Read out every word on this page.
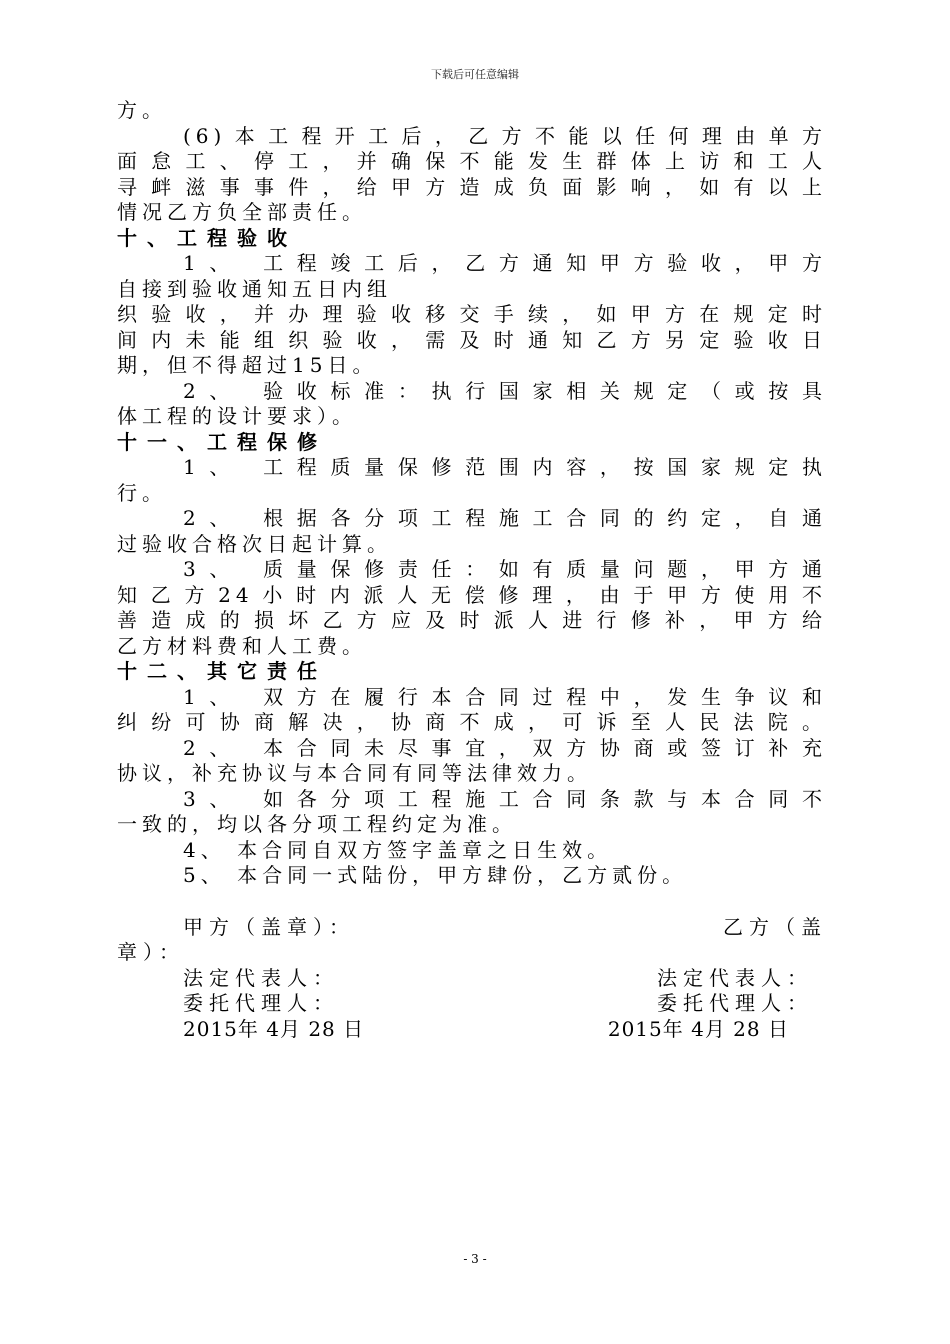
下载后可任意编辑
方。
(6)本工程开工后，乙方不能以任何理由单方
面怠工、停工，并确保不能发生群体上访和工人
寻衅滋事事件，给甲方造成负面影响，如有以上
情况乙方负全部责任。
十、工程验收
1、 工程竣工后，乙方通知甲方验收，甲方
自接到验收通知五日内组
织验收，并办理验收移交手续，如甲方在规定时
间内未能组织验收，需及时通知乙方另定验收日
期，但不得超过15日。
2、 验收标准：执行国家相关规定（或按具
体工程的设计要求）。
十一、工程保修
1、 工程质量保修范围内容，按国家规定执
行。
2、 根据各分项工程施工合同的约定，自通
过验收合格次日起计算。
3、 质量保修责任：如有质量问题，甲方通
知乙方24小时内派人无偿修理，由于甲方使用不
善造成的损坏乙方应及时派人进行修补，甲方给
乙方材料费和人工费。
十二、其它责任
1、 双方在履行本合同过程中，发生争议和
纠纷可协商解决，协商不成，可诉至人民法院。
2、 本合同未尽事宜，双方协商或签订补充
协议，补充协议与本合同有同等法律效力。
3、 如各分项工程施工合同条款与本合同不
一致的，均以各分项工程约定为准。
4、 本合同自双方签字盖章之日生效。
5、 本合同一式陆份，甲方肆份，乙方贰份。
甲方（盖章）：	乙方（盖
章）：
法定代表人：	法定代表人：
委托代理人：	委托代理人：
2015年 4月 28 日	2015年 4月 28 日
- 3 -
